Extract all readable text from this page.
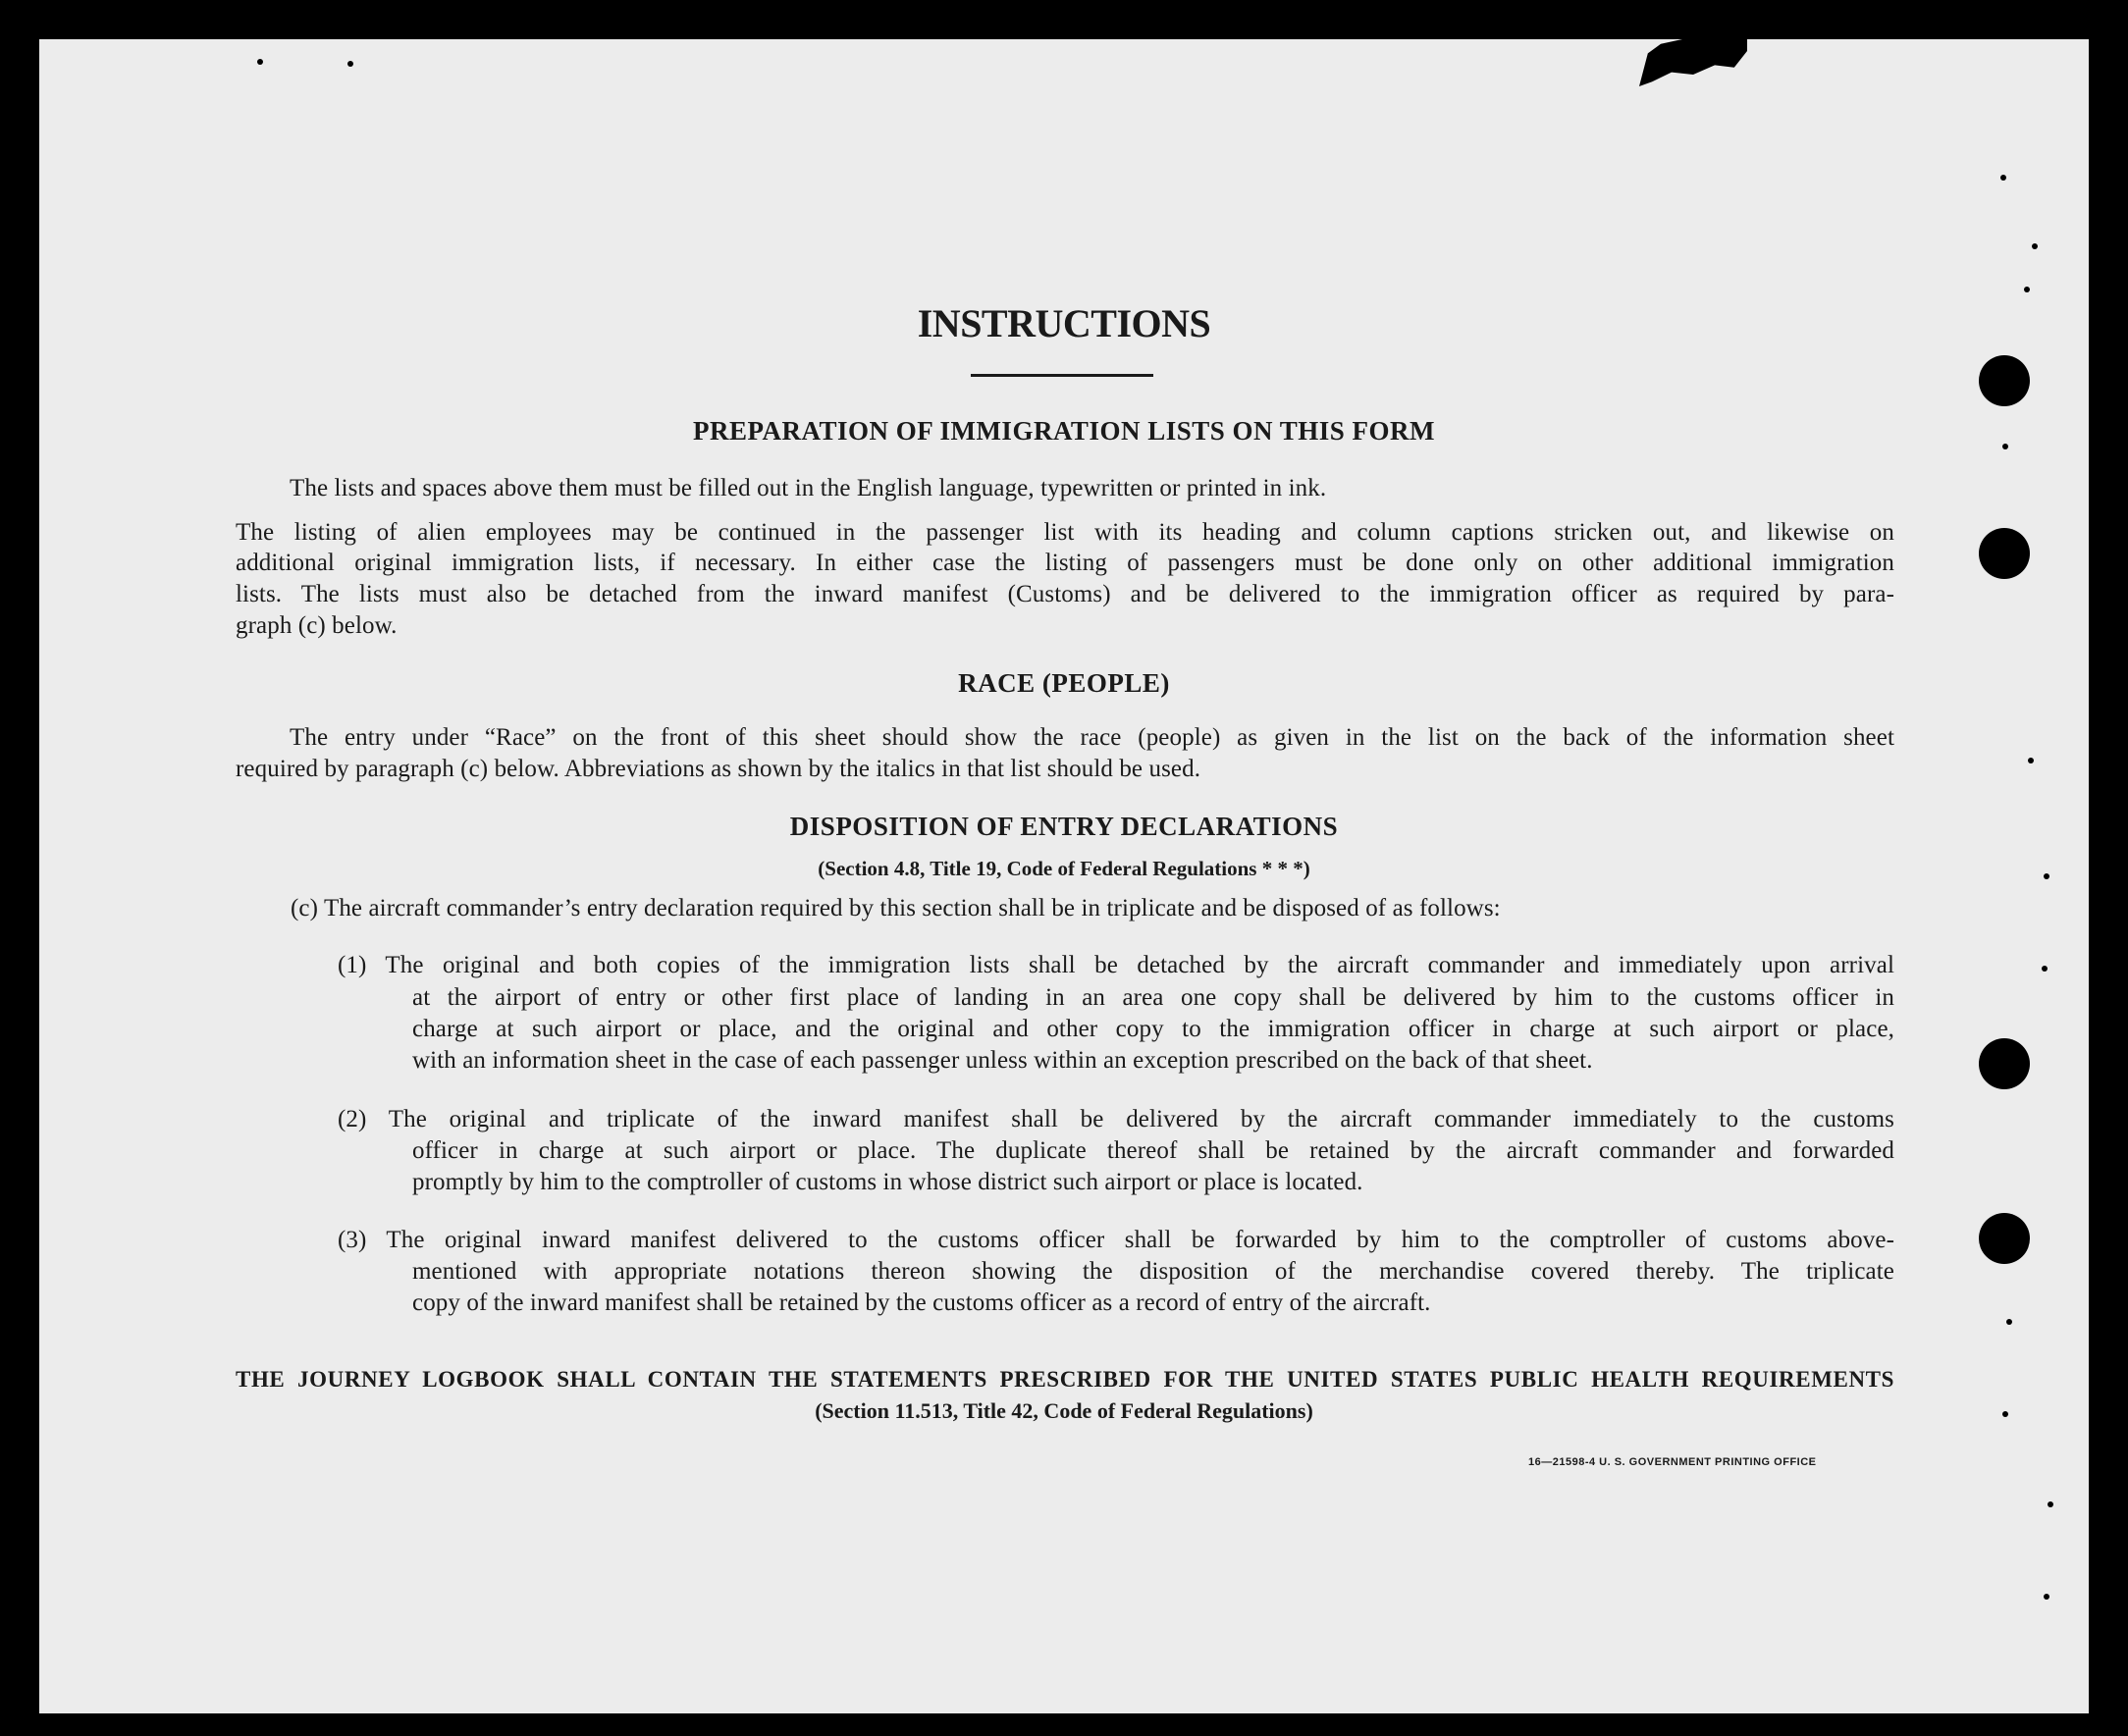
INSTRUCTIONS
PREPARATION OF IMMIGRATION LISTS ON THIS FORM
The lists and spaces above them must be filled out in the English language, typewritten or printed in ink.
The listing of alien employees may be continued in the passenger list with its heading and column captions stricken out, and likewise on
additional original immigration lists, if necessary. In either case the listing of passengers must be done only on other additional immigration
lists. The lists must also be detached from the inward manifest (Customs) and be delivered to the immigration officer as required by para-
graph (c) below.
RACE (PEOPLE)
The entry under “Race” on the front of this sheet should show the race (people) as given in the list on the back of the information sheet
required by paragraph (c) below. Abbreviations as shown by the italics in that list should be used.
DISPOSITION OF ENTRY DECLARATIONS
(Section 4.8, Title 19, Code of Federal Regulations * * *)
(c) The aircraft commander’s entry declaration required by this section shall be in triplicate and be disposed of as follows:
(1) The original and both copies of the immigration lists shall be detached by the aircraft commander and immediately upon arrival
at the airport of entry or other first place of landing in an area one copy shall be delivered by him to the customs officer in
charge at such airport or place, and the original and other copy to the immigration officer in charge at such airport or place,
with an information sheet in the case of each passenger unless within an exception prescribed on the back of that sheet.
(2) The original and triplicate of the inward manifest shall be delivered by the aircraft commander immediately to the customs
officer in charge at such airport or place. The duplicate thereof shall be retained by the aircraft commander and forwarded
promptly by him to the comptroller of customs in whose district such airport or place is located.
(3) The original inward manifest delivered to the customs officer shall be forwarded by him to the comptroller of customs above-
mentioned with appropriate notations thereon showing the disposition of the merchandise covered thereby. The triplicate
copy of the inward manifest shall be retained by the customs officer as a record of entry of the aircraft.
THE JOURNEY LOGBOOK SHALL CONTAIN THE STATEMENTS PRESCRIBED FOR THE UNITED STATES PUBLIC HEALTH REQUIREMENTS
(Section 11.513, Title 42, Code of Federal Regulations)
16—21598-4 U. S. GOVERNMENT PRINTING OFFICE
